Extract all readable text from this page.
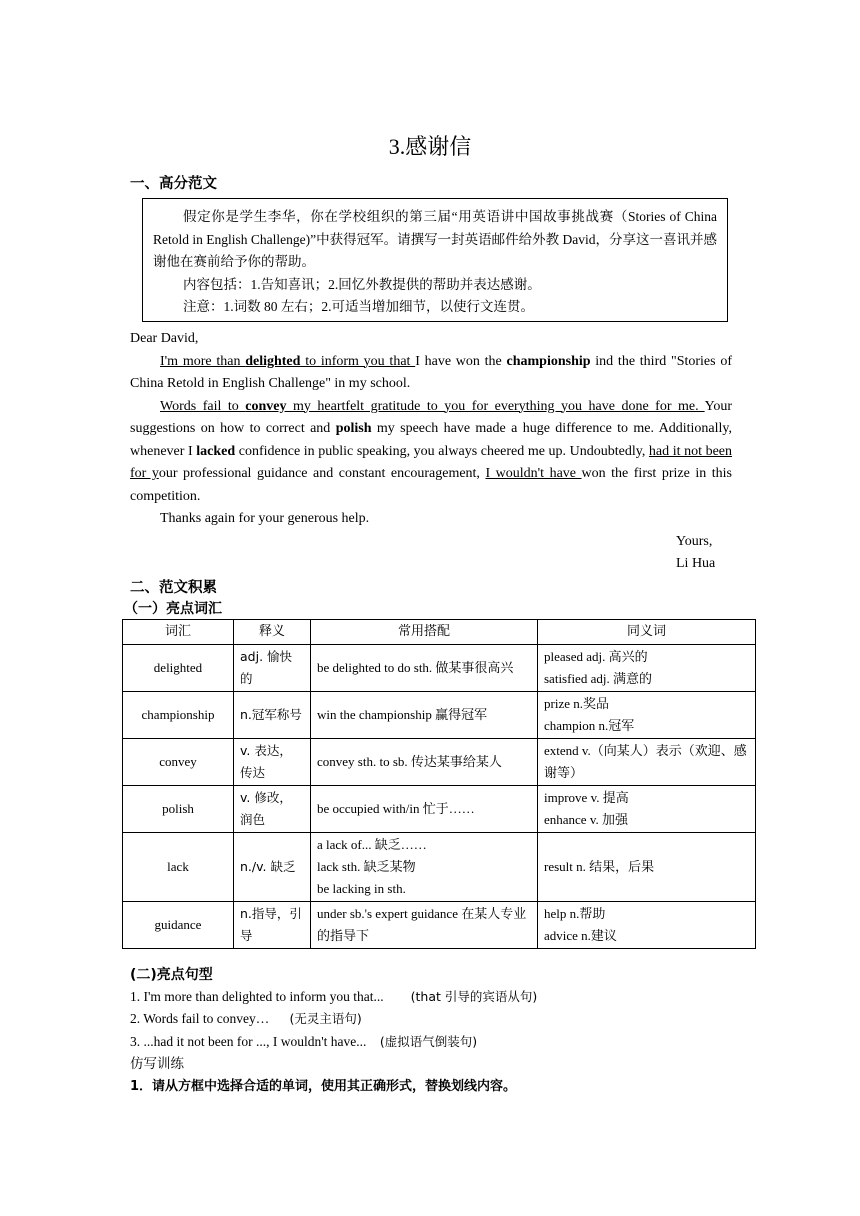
3.感谢信
一、高分范文

假定你是学生李华，你在学校组织的第三届“用英语讲中国故事挑战赛（Stories of China Retold in English Challenge)”中获得冠军。请撰写一封英语邮件给外教 David，分享这一喜讯并感谢他在赛前给予你的帮助。

内容包括：1.告知喜讯；2.回忆外教提供的帮助并表达感谢。

注意：1.词数 80 左右；2.可适当增加细节，以使行文连贯。

Dear David,

I'm more than delighted to inform you that I have won the championship ind the third "Stories of China Retold in English Challenge" in my school.

Words fail to convey my heartfelt gratitude to you for everything you have done for me. Your suggestions on how to correct and polish my speech have made a huge difference to me. Additionally, whenever I lacked confidence in public speaking, you always cheered me up. Undoubtedly, had it not been for your professional guidance and constant encouragement, I wouldn't have won the first prize in this competition.

Thanks again for your generous help.

Yours,

Li Hua

二、范文积累
（一）亮点词汇
词汇	释义	常用搭配	同义词
delighted	adj. 愉快的	be delighted to do sth. 做某事很高兴	pleased adj. 高兴的
satisfied adj. 满意的

championship	n.冠军称号	win the championship 赢得冠军	prize n.奖品
champion n.冠军

convey	v. 表达，传达	convey sth. to sb. 传达某事给某人	extend v.（向某人）表示（欢迎、感谢等）

polish	v. 修改，润色	be occupied with/in 忙于……	improve v. 提高
enhance v. 加强

lack	n./v. 缺乏	a lack of... 缺乏……
lack sth. 缺乏某物
be lacking in sth.	result n. 结果，后果

guidance	n.指导，引导	under sb.'s expert guidance 在某人专业的指导下	help n.帮助
advice n.建议
(二)亮点句型
1. I'm more than delighted to inform you that... (that 引导的宾语从句)
2. Words fail to convey… (无灵主语句)
3. ...had it not been for ..., I wouldn't have... (虚拟语气倒装句)
仿写训练
1．请从方框中选择合适的单词，使用其正确形式，替换划线内容。
